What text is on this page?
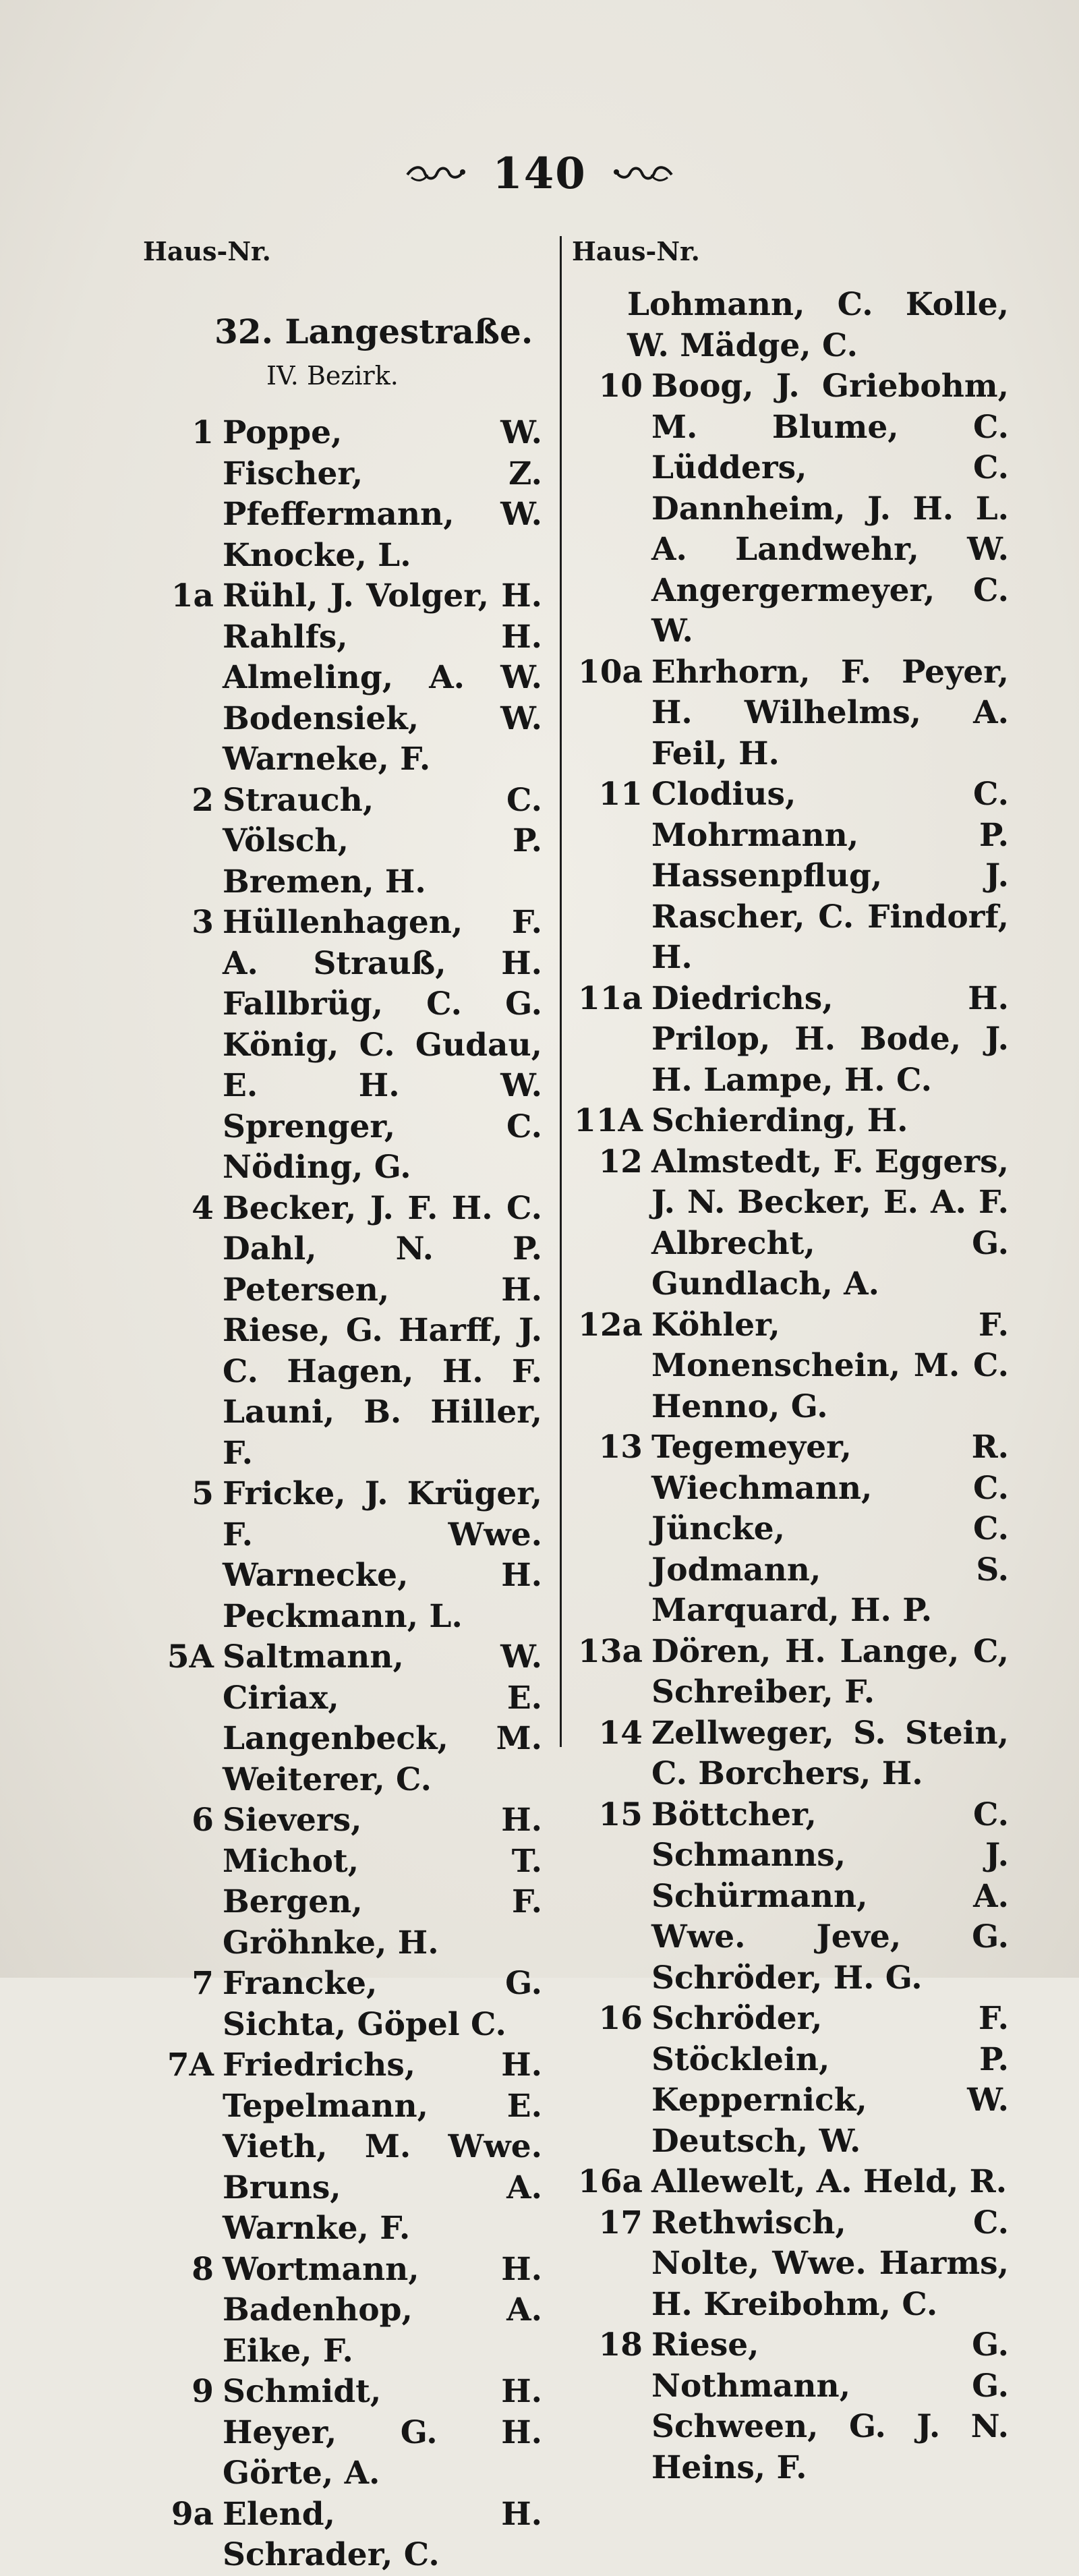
140
Haus-Nr.	Haus-Nr.
32. Langestraße.
IV. Bezirk.
1 Poppe, W. Fischer, Z. Pfeffermann, W. Knocke, L.
1a Rühl, J. Volger, H. Rahlfs, H. Almeling, A. W. Bodensiek, W. Warneke, F.
2 Strauch, C. Völsch, P. Bremen, H.
3 Hüllenhagen, F. A. Strauß, H. Fallbrüg, C. G. König, C. Gudau, E. H. W. Sprenger, C. Nöding, G.
4 Becker, J. F. H. C. Dahl, N. P. Petersen, H. Riese, G. Harff, J. C. Hagen, H. F. Launi, B. Hiller, F.
5 Fricke, J. Krüger, F. Wwe. Warnecke, H. Peckmann, L.
5A Saltmann, W. Ciriax, E. Langenbeck, M. Weiterer, C.
6 Sievers, H. Michot, T. Bergen, F. Gröhnke, H.
7 Francke, G. Sichta, Göpel C.
7A Friedrichs, H. Tepelmann, E. Vieth, M. Wwe. Bruns, A. Warnke, F.
8 Wortmann, H. Badenhop, A. Eike, F.
9 Schmidt, H. Heyer, G. H. Görte, A.
9a Elend, H. Schrader, C.
Lohmann, C. Kolle, W. Mädge, C.
10 Boog, J. Griebohm, M. Blume, C. Lüdders, C. Dannheim, J. H. L. A. Landwehr, W. Angergermeyer, C. W.
10a Ehrhorn, F. Peyer, H. Wilhelms, A. Feil, H.
11 Clodius, C. Mohrmann, P. Hassenpflug, J. Rascher, C. Findorf, H.
11a Diedrichs, H. Prilop, H. Bode, J. H. Lampe, H. C.
11A Schierding, H.
12 Almstedt, F. Eggers, J. N. Becker, E. A. F. Albrecht, G. Gundlach, A.
12a Köhler, F. Monenschein, M. C. Henno, G.
13 Tegemeyer, R. Wiechmann, C. Jüncke, C. Jodmann, S. Marquard, H. P.
13a Dören, H. Lange, C, Schreiber, F.
14 Zellweger, S. Stein, C. Borchers, H.
15 Böttcher, C. Schmanns, J. Schürmann, A. Wwe. Jeve, G. Schröder, H. G.
16 Schröder, F. Stöcklein, P. Keppernick, W. Deutsch, W.
16a Allewelt, A. Held, R.
17 Rethwisch, C. Nolte, Wwe. Harms, H. Kreibohm, C.
18 Riese, G. Nothmann, G. Schween, G. J. N. Heins, F.
